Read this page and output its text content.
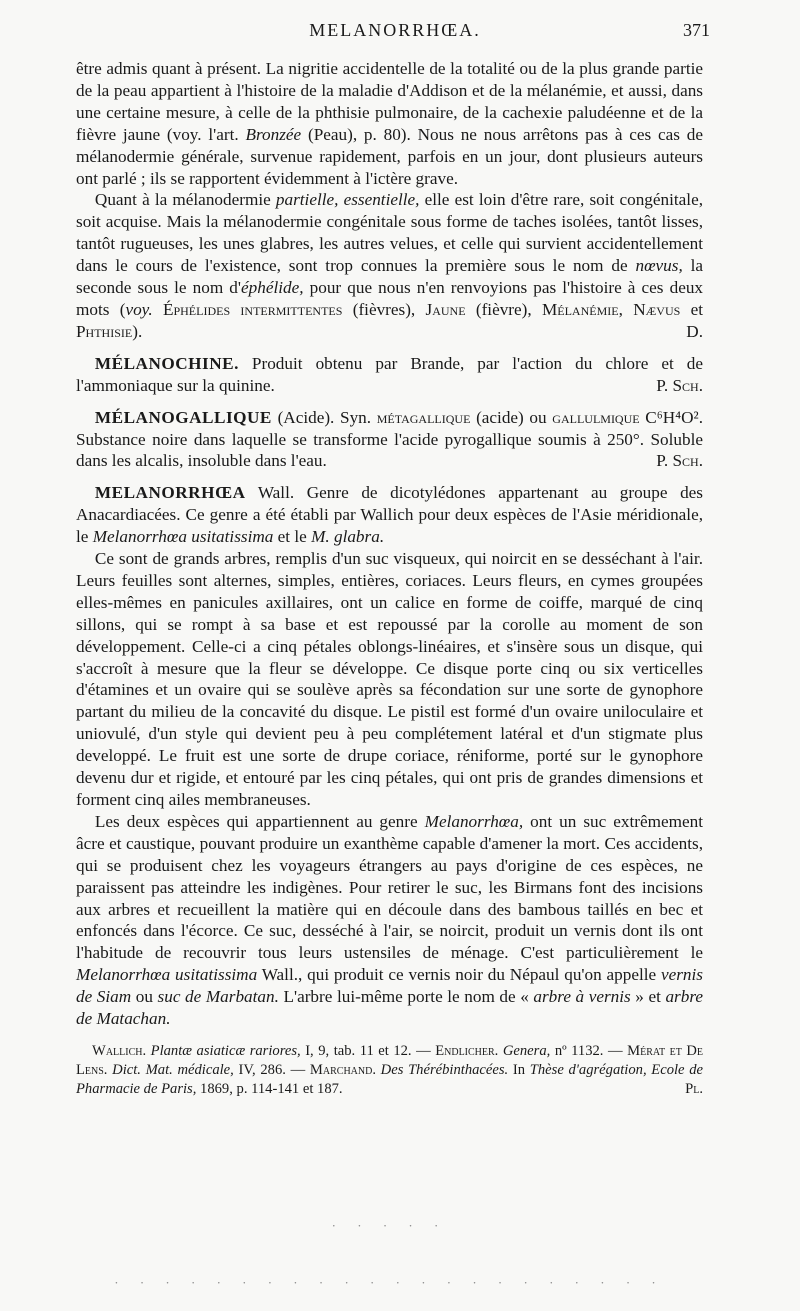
MELANORRHŒA.	371

être admis quant à présent. La nigritie accidentelle de la totalité ou de la plus grande partie de la peau appartient à l'histoire de la maladie d'Addison et de la mélanémie, et aussi, dans une certaine mesure, à celle de la phthisie pulmonaire, de la cachexie paludéenne et de la fièvre jaune (voy. l'art. Bronzée (Peau), p. 80). Nous ne nous arrêtons pas à ces cas de mélanodermie générale, survenue rapidement, parfois en un jour, dont plusieurs auteurs ont parlé ; ils se rapportent évidemment à l'ictère grave.

Quant à la mélanodermie partielle, essentielle, elle est loin d'être rare, soit congénitale, soit acquise. Mais la mélanodermie congénitale sous forme de taches isolées, tantôt lisses, tantôt rugueuses, les unes glabres, les autres velues, et celle qui survient accidentellement dans le cours de l'existence, sont trop connues la première sous le nom de nœvus, la seconde sous le nom d'éphélide, pour que nous n'en renvoyions pas l'histoire à ces deux mots (voy. Éphélides intermittentes (fièvres), Jaune (fièvre), Mélanémie, Nævus et Phthisie).	D.

MÉLANOCHINE. Produit obtenu par Brande, par l'action du chlore et de l'ammoniaque sur la quinine.	P. Sch.

MÉLANOGALLIQUE (Acide). Syn. métagallique (acide) ou gallulmique C⁶H⁴O². Substance noire dans laquelle se transforme l'acide pyrogallique soumis à 250°. Soluble dans les alcalis, insoluble dans l'eau.	P. Sch.

MELANORRHŒA Wall. Genre de dicotylédones appartenant au groupe des Anacardiacées. Ce genre a été établi par Wallich pour deux espèces de l'Asie méridionale, le Melanorrhœa usitatissima et le M. glabra.

Ce sont de grands arbres, remplis d'un suc visqueux, qui noircit en se desséchant à l'air. Leurs feuilles sont alternes, simples, entières, coriaces. Leurs fleurs, en cymes groupées elles-mêmes en panicules axillaires, ont un calice en forme de coiffe, marqué de cinq sillons, qui se rompt à sa base et est repoussé par la corolle au moment de son développement. Celle-ci a cinq pétales oblongs-linéaires, et s'insère sous un disque, qui s'accroît à mesure que la fleur se développe. Ce disque porte cinq ou six verticelles d'étamines et un ovaire qui se soulève après sa fécondation sur une sorte de gynophore partant du milieu de la concavité du disque. Le pistil est formé d'un ovaire uniloculaire et uniovulé, d'un style qui devient peu à peu complétement latéral et d'un stigmate plus developpé. Le fruit est une sorte de drupe coriace, réniforme, porté sur le gynophore devenu dur et rigide, et entouré par les cinq pétales, qui ont pris de grandes dimensions et forment cinq ailes membraneuses.

Les deux espèces qui appartiennent au genre Melanorrhœa, ont un suc extrêmement âcre et caustique, pouvant produire un exanthème capable d'amener la mort. Ces accidents, qui se produisent chez les voyageurs étrangers au pays d'origine de ces espèces, ne paraissent pas atteindre les indigènes. Pour retirer le suc, les Birmans font des incisions aux arbres et recueillent la matière qui en découle dans des bambous taillés en bec et enfoncés dans l'écorce. Ce suc, desséché à l'air, se noircit, produit un vernis dont ils ont l'habitude de recouvrir tous leurs ustensiles de ménage. C'est particulièrement le Melanorrhœa usitatissima Wall., qui produit ce vernis noir du Népaul qu'on appelle vernis de Siam ou suc de Marbatan. L'arbre lui-même porte le nom de « arbre à vernis » et arbre de Matachan.

Wallich. Plantæ asiaticæ rariores, I, 9, tab. 11 et 12. — Endlicher. Genera, nº 1132. — Mérat et De Lens. Dict. Mat. médicale, IV, 286. — Marchand. Des Thérébinthacées. In Thèse d'agrégation, Ecole de Pharmacie de Paris, 1869, p. 114-141 et 187.	Pl.

· · · · ·
· · · · · · · · · · · · · · · · · · · · · ·
